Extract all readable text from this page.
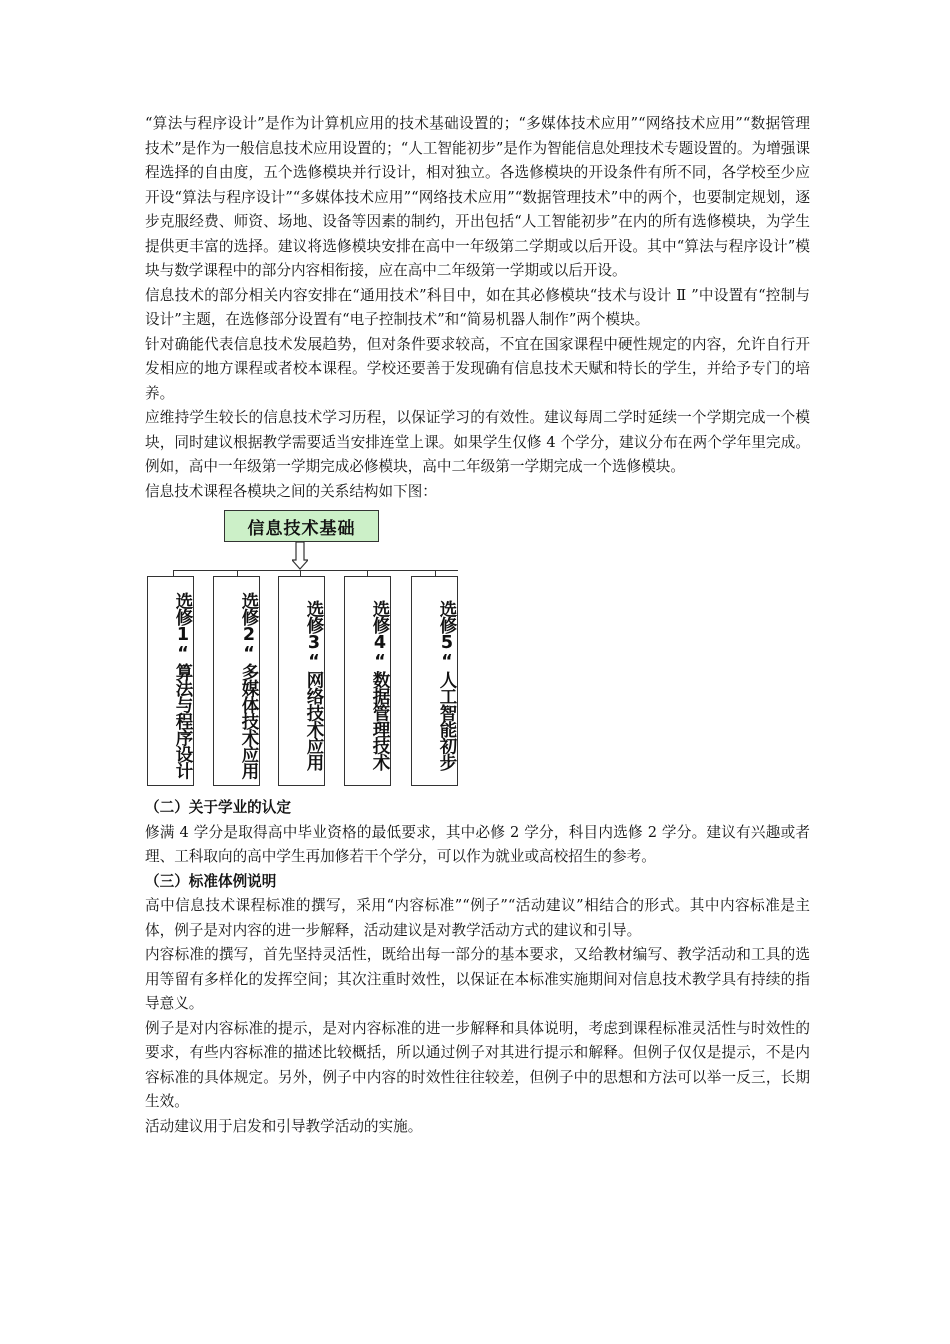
“算法与程序设计”是作为计算机应用的技术基础设置的；“多媒体技术应用”“网络技术应用”“数据管理技术”是作为一般信息技术应用设置的；“人工智能初步”是作为智能信息处理技术专题设置的。为增强课程选择的自由度，五个选修模块并行设计，相对独立。各选修模块的开设条件有所不同，各学校至少应开设“算法与程序设计”“多媒体技术应用”“网络技术应用”“数据管理技术”中的两个，也要制定规划，逐步克服经费、师资、场地、设备等因素的制约，开出包括“人工智能初步”在内的所有选修模块，为学生提供更丰富的选择。建议将选修模块安排在高中一年级第二学期或以后开设。其中“算法与程序设计”模块与数学课程中的部分内容相衔接，应在高中二年级第一学期或以后开设。

信息技术的部分相关内容安排在“通用技术”科目中，如在其必修模块“技术与设计 Ⅱ ”中设置有“控制与设计”主题，在选修部分设置有“电子控制技术”和“简易机器人制作”两个模块。

针对确能代表信息技术发展趋势，但对条件要求较高，不宜在国家课程中硬性规定的内容，允许自行开发相应的地方课程或者校本课程。学校还要善于发现确有信息技术天赋和特长的学生，并给予专门的培养。

应维持学生较长的信息技术学习历程，以保证学习的有效性。建议每周二学时延续一个学期完成一个模块，同时建议根据教学需要适当安排连堂上课。如果学生仅修 4 个学分，建议分布在两个学年里完成。例如，高中一年级第一学期完成必修模块，高中二年级第一学期完成一个选修模块。

信息技术课程各模块之间的关系结构如下图：

信息技术基础
选修1“算法与程序设计	选修2“多媒体技术应用	选修3“网络技术应用	选修4“数据管理技术	选修5“人工智能初步

（二）关于学业的认定

修满 4 学分是取得高中毕业资格的最低要求，其中必修 2 学分，科目内选修 2 学分。建议有兴趣或者理、工科取向的高中学生再加修若干个学分，可以作为就业或高校招生的参考。

（三）标准体例说明

高中信息技术课程标准的撰写，采用“内容标准”“例子”“活动建议”相结合的形式。其中内容标准是主体，例子是对内容的进一步解释，活动建议是对教学活动方式的建议和引导。

内容标准的撰写，首先坚持灵活性，既给出每一部分的基本要求，又给教材编写、教学活动和工具的选用等留有多样化的发挥空间；其次注重时效性，以保证在本标准实施期间对信息技术教学具有持续的指导意义。

例子是对内容标准的提示，是对内容标准的进一步解释和具体说明，考虑到课程标准灵活性与时效性的要求，有些内容标准的描述比较概括，所以通过例子对其进行提示和解释。但例子仅仅是提示，不是内容标准的具体规定。另外，例子中内容的时效性往往较差，但例子中的思想和方法可以举一反三，长期生效。

活动建议用于启发和引导教学活动的实施。
